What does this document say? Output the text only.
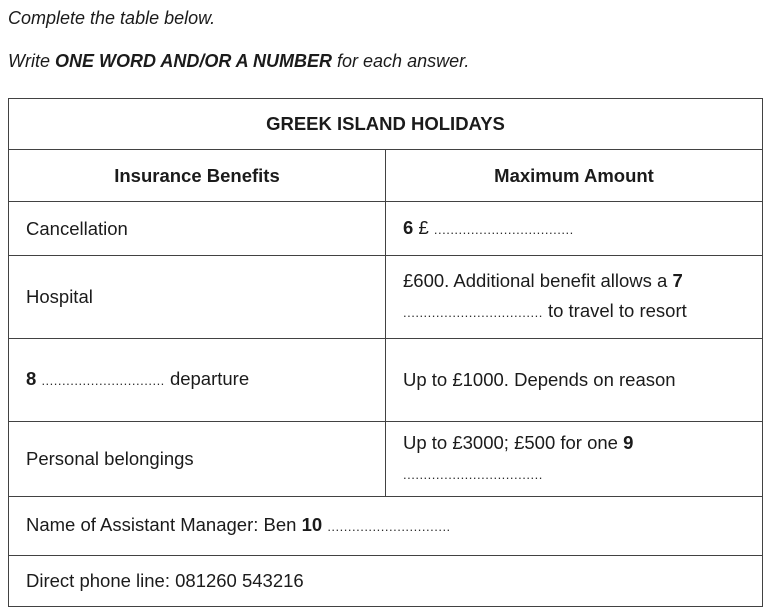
Complete the table below.

Write ONE WORD AND/OR A NUMBER for each answer.

GREEK ISLAND HOLIDAYS	
Insurance Benefits	Maximum Amount
Cancellation	6 £ ..................................
Hospital	£600. Additional benefit allows a 7 .................................. to travel to resort
8 .............................. departure	Up to £1000. Depends on reason
Personal belongings	Up to £3000; £500 for one 9 ..................................
Name of Assistant Manager: Ben 10 ..............................	
Direct phone line: 081260 543216	
